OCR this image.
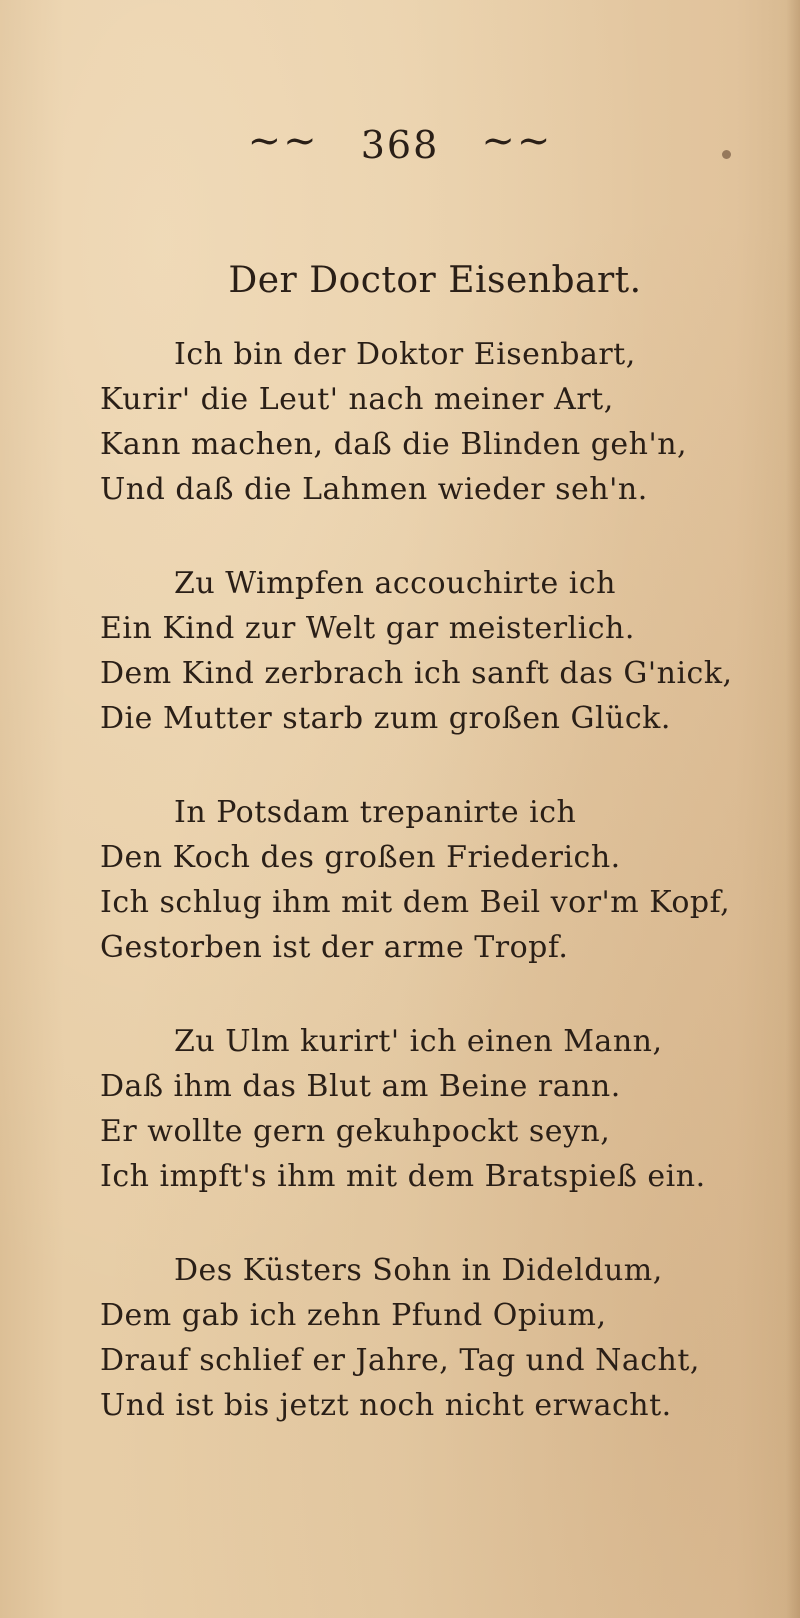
~~ 368 ~~
Der Doctor Eisenbart.
Ich bin der Doktor Eisenbart,
Kurir' die Leut' nach meiner Art,
Kann machen, daß die Blinden geh'n,
Und daß die Lahmen wieder seh'n.
Zu Wimpfen accouchirte ich
Ein Kind zur Welt gar meisterlich.
Dem Kind zerbrach ich sanft das G'nick,
Die Mutter starb zum großen Glück.
In Potsdam trepanirte ich
Den Koch des großen Friederich.
Ich schlug ihm mit dem Beil vor'm Kopf,
Gestorben ist der arme Tropf.
Zu Ulm kurirt' ich einen Mann,
Daß ihm das Blut am Beine rann.
Er wollte gern gekuhpockt seyn,
Ich impft's ihm mit dem Bratspieß ein.
Des Küsters Sohn in Dideldum,
Dem gab ich zehn Pfund Opium,
Drauf schlief er Jahre, Tag und Nacht,
Und ist bis jetzt noch nicht erwacht.
